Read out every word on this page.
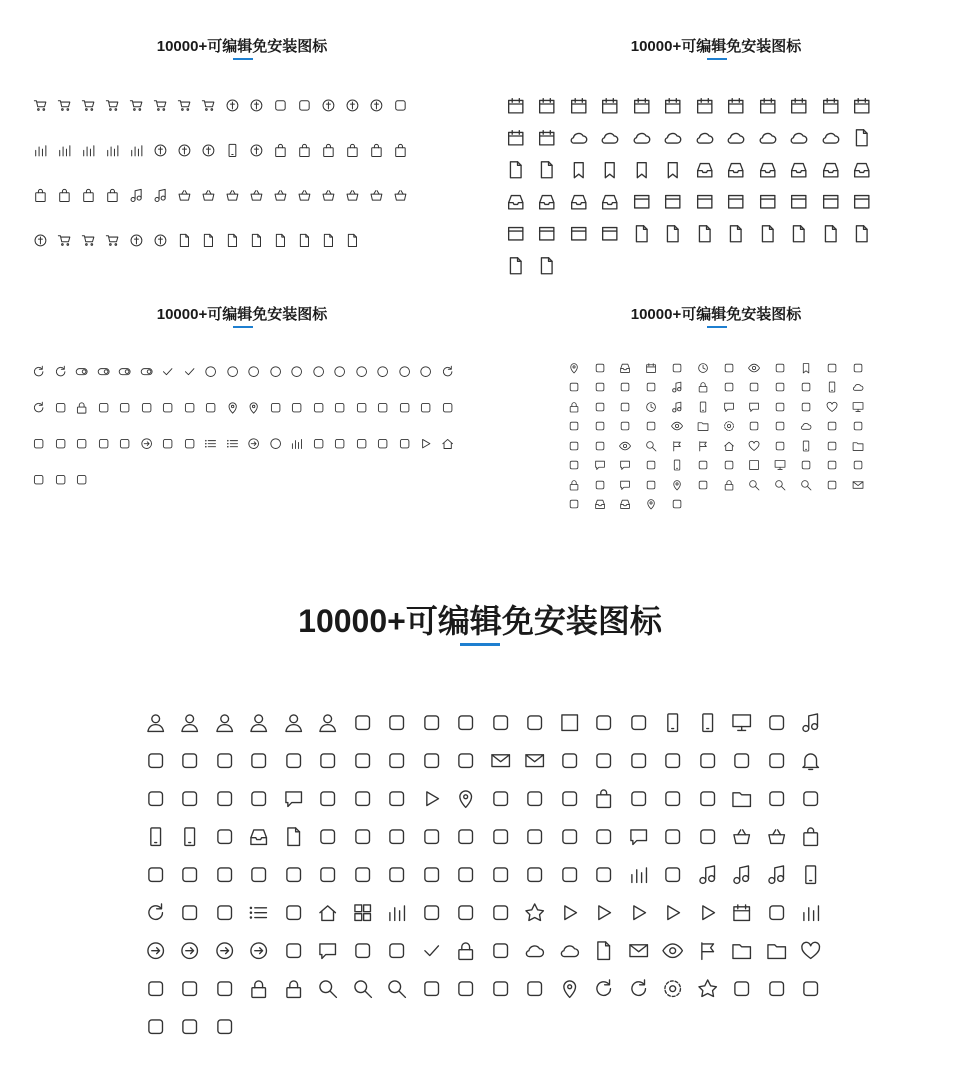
10000+可编辑免安装图标	10000+可编辑免安装图标
10000+可编辑免安装图标	10000+可编辑免安装图标
10000+可编辑免安装图标
